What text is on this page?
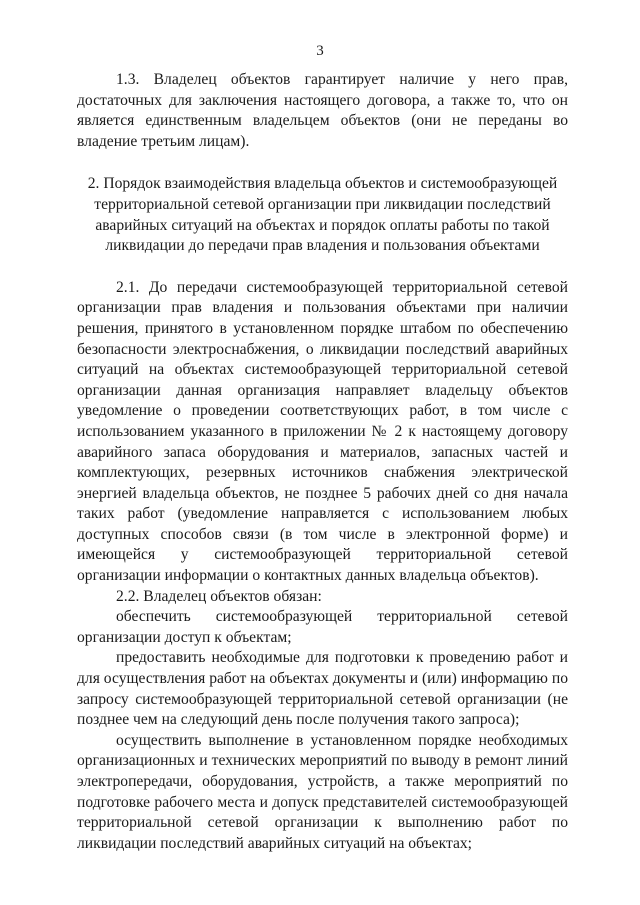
3

1.3. Владелец объектов гарантирует наличие у него прав, достаточных для заключения настоящего договора, а также то, что он является единственным владельцем объектов (они не переданы во владение третьим лицам).

2. Порядок взаимодействия владельца объектов и системообразующей территориальной сетевой организации при ликвидации последствий аварийных ситуаций на объектах и порядок оплаты работы по такой ликвидации до передачи прав владения и пользования объектами

2.1. До передачи системообразующей территориальной сетевой организации прав владения и пользования объектами при наличии решения, принятого в установленном порядке штабом по обеспечению безопасности электроснабжения, о ликвидации последствий аварийных ситуаций на объектах системообразующей территориальной сетевой организации данная организация направляет владельцу объектов уведомление о проведении соответствующих работ, в том числе с использованием указанного в приложении № 2 к настоящему договору аварийного запаса оборудования и материалов, запасных частей и комплектующих, резервных источников снабжения электрической энергией владельца объектов, не позднее 5 рабочих дней со дня начала таких работ (уведомление направляется с использованием любых доступных способов связи (в том числе в электронной форме) и имеющейся у системообразующей территориальной сетевой организации информации о контактных данных владельца объектов).

2.2. Владелец объектов обязан:

обеспечить системообразующей территориальной сетевой организации доступ к объектам;

предоставить необходимые для подготовки к проведению работ и для осуществления работ на объектах документы и (или) информацию по запросу системообразующей территориальной сетевой организации (не позднее чем на следующий день после получения такого запроса);

осуществить выполнение в установленном порядке необходимых организационных и технических мероприятий по выводу в ремонт линий электропередачи, оборудования, устройств, а также мероприятий по подготовке рабочего места и допуск представителей системообразующей территориальной сетевой организации к выполнению работ по ликвидации последствий аварийных ситуаций на объектах;
